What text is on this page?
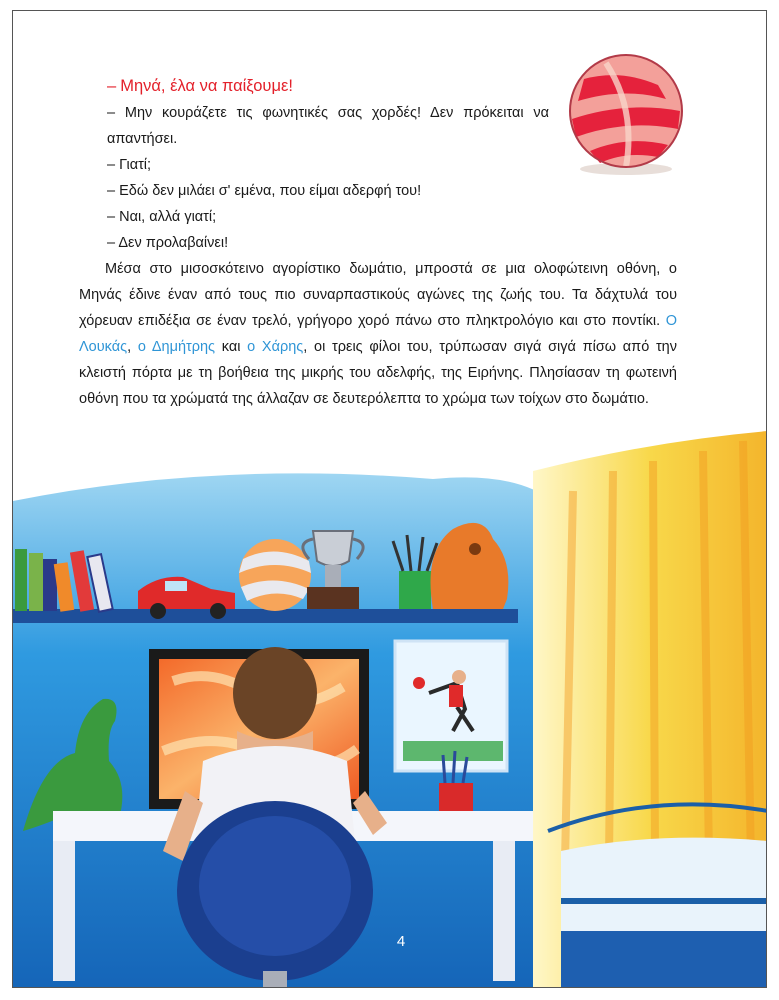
– Μηνά, έλα να παίξουμε!

– Μην κουράζετε τις φωνητικές σας χορδές! Δεν πρόκειται να απαντήσει.

– Γιατί;

– Εδώ δεν μιλάει σ' εμένα, που είμαι αδερφή του!

– Ναι, αλλά γιατί;

– Δεν προλαβαίνει!

Μέσα στο μισοσκότεινο αγορίστικο δωμάτιο, μπροστά σε μια ολοφώτεινη οθόνη, ο Μηνάς έδινε έναν από τους πιο συναρπαστικούς αγώνες της ζωής του. Τα δάχτυλά του χόρευαν επιδέξια σε έναν τρελό, γρήγορο χορό πάνω στο πληκτρολόγιο και στο ποντίκι. Ο Λουκάς, ο Δημήτρης και ο Χάρης, οι τρεις φίλοι του, τρύπωσαν σιγά σιγά πίσω από την κλειστή πόρτα με τη βοήθεια της μικρής του αδελφής, της Ειρήνης. Πλησίασαν τη φωτεινή οθόνη που τα χρώματά της άλλαζαν σε δευτερόλεπτα το χρώμα των τοίχων στο δωμάτιο.

4
